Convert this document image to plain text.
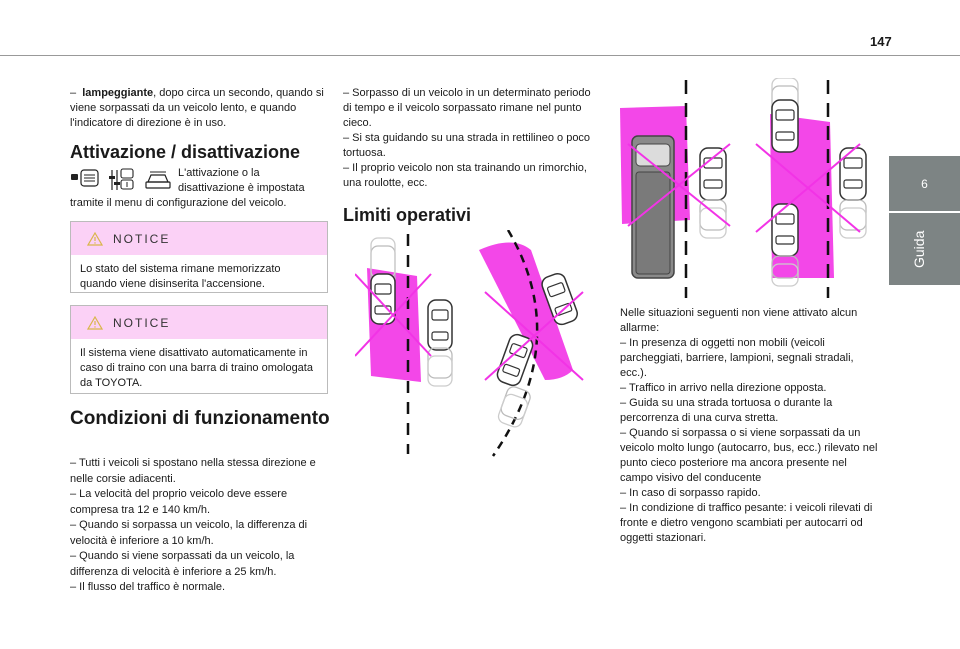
147
6
Guida

– lampeggiante, dopo circa un secondo, quando si viene sorpassati da un veicolo lento, e quando l'indicatore di direzione è in uso.

Attivazione / disattivazione
L'attivazione o la disattivazione è impostata
tramite il menu di configurazione del veicolo.
NOTICE
Lo stato del sistema rimane memorizzato quando viene disinserita l'accensione.
NOTICE
Il sistema viene disattivato automaticamente in caso di traino con una barra di traino omologata da TOYOTA.
Condizioni di funzionamento

– Tutti i veicoli si spostano nella stessa direzione e nelle corsie adiacenti.

– La velocità del proprio veicolo deve essere compresa tra 12 e 140 km/h.

– Quando si sorpassa un veicolo, la differenza di velocità è inferiore a 10 km/h.

– Quando si viene sorpassati da un veicolo, la differenza di velocità è inferiore a 25 km/h.

– Il flusso del traffico è normale.

– Sorpasso di un veicolo in un determinato periodo di tempo e il veicolo sorpassato rimane nel punto cieco.

– Si sta guidando su una strada in rettilineo o poco tortuosa.

– Il proprio veicolo non sta trainando un rimorchio, una roulotte, ecc.

Limiti operativi

Nelle situazioni seguenti non viene attivato alcun allarme:

– In presenza di oggetti non mobili (veicoli parcheggiati, barriere, lampioni, segnali stradali, ecc.).

– Traffico in arrivo nella direzione opposta.

– Guida su una strada tortuosa o durante la percorrenza di una curva stretta.

– Quando si sorpassa o si viene sorpassati da un veicolo molto lungo (autocarro, bus, ecc.) rilevato nel punto cieco posteriore ma ancora presente nel campo visivo del conducente

– In caso di sorpasso rapido.

– In condizione di traffico pesante: i veicoli rilevati di fronte e dietro vengono scambiati per autocarri od oggetti stazionari.
